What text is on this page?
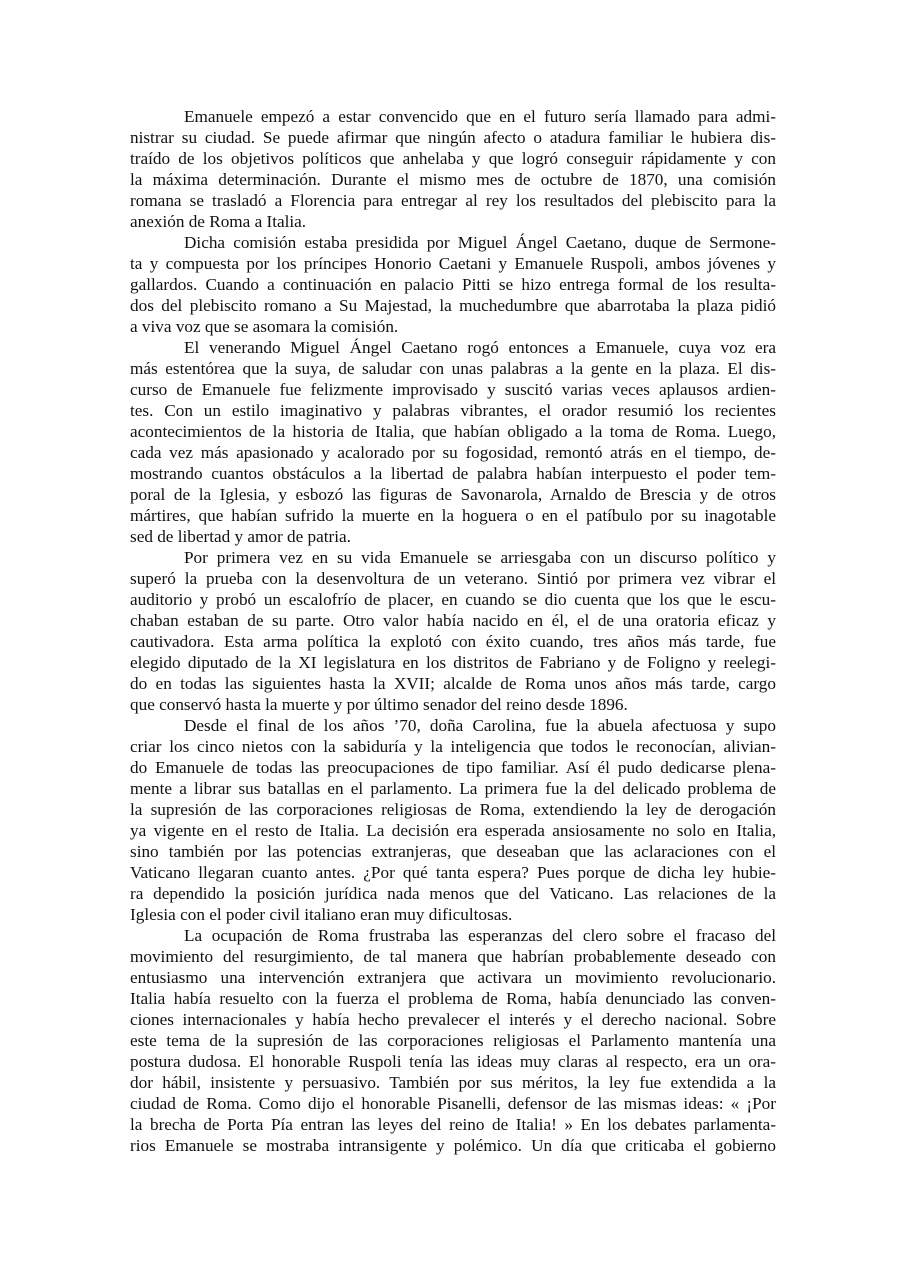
Emanuele empezó a estar convencido que en el futuro sería llamado para admi-
nistrar su ciudad. Se puede afirmar que ningún afecto o atadura familiar le hubiera dis-
traído de los objetivos políticos que anhelaba y que logró conseguir rápidamente y con
la máxima determinación. Durante el mismo mes de octubre de 1870, una comisión
romana se trasladó a Florencia para entregar al rey los resultados del plebiscito para la
anexión de Roma a Italia.
Dicha comisión estaba presidida por Miguel Ángel Caetano, duque de Sermone-
ta y compuesta por los príncipes Honorio Caetani y Emanuele Ruspoli, ambos jóvenes y
gallardos. Cuando a continuación en palacio Pitti se hizo entrega formal de los resulta-
dos del plebiscito romano a Su Majestad, la muchedumbre que abarrotaba la plaza pidió
a viva voz que se asomara la comisión.
El venerando Miguel Ángel Caetano rogó entonces a Emanuele, cuya voz era
más estentórea que la suya, de saludar con unas palabras a la gente en la plaza. El dis-
curso de Emanuele fue felizmente improvisado y suscitó varias veces aplausos ardien-
tes. Con un estilo imaginativo y palabras vibrantes, el orador resumió los recientes
acontecimientos de la historia de Italia, que habían obligado a la toma de Roma. Luego,
cada vez más apasionado y acalorado por su fogosidad, remontó atrás en el tiempo, de-
mostrando cuantos obstáculos a la libertad de palabra habían interpuesto el poder tem-
poral de la Iglesia, y esbozó las figuras de Savonarola, Arnaldo de Brescia y de otros
mártires, que habían sufrido la muerte en la hoguera o en el patíbulo por su inagotable
sed de libertad y amor de patria.
Por primera vez en su vida Emanuele se arriesgaba con un discurso político y
superó la prueba con la desenvoltura de un veterano. Sintió por primera vez vibrar el
auditorio y probó un escalofrío de placer, en cuando se dio cuenta que los que le escu-
chaban estaban de su parte. Otro valor había nacido en él, el de una oratoria eficaz y
cautivadora. Esta arma política la explotó con éxito cuando, tres años más tarde, fue
elegido diputado de la XI legislatura en los distritos de Fabriano y de Foligno y reelegi-
do en todas las siguientes hasta la XVII; alcalde de Roma unos años más tarde, cargo
que conservó hasta la muerte y por último senador del reino desde 1896.
Desde el final de los años ’70, doña Carolina, fue la abuela afectuosa y supo
criar los cinco nietos con la sabiduría y la inteligencia que todos le reconocían, alivian-
do Emanuele de todas las preocupaciones de tipo familiar. Así él pudo dedicarse plena-
mente a librar sus batallas en el parlamento. La primera fue la del delicado problema de
la supresión de las corporaciones religiosas de Roma, extendiendo la ley de derogación
ya vigente en el resto de Italia. La decisión era esperada ansiosamente no solo en Italia,
sino también por las potencias extranjeras, que deseaban que las aclaraciones con el
Vaticano llegaran cuanto antes. ¿Por qué tanta espera? Pues porque de dicha ley hubie-
ra dependido la posición jurídica nada menos que del Vaticano. Las relaciones de la
Iglesia con el poder civil italiano eran muy dificultosas.
La ocupación de Roma frustraba las esperanzas del clero sobre el fracaso del
movimiento del resurgimiento, de tal manera que habrían probablemente deseado con
entusiasmo una intervención extranjera que activara un movimiento revolucionario.
Italia había resuelto con la fuerza el problema de Roma, había denunciado las conven-
ciones internacionales y había hecho prevalecer el interés y el derecho nacional. Sobre
este tema de la supresión de las corporaciones religiosas el Parlamento mantenía una
postura dudosa. El honorable Ruspoli tenía las ideas muy claras al respecto, era un ora-
dor hábil, insistente y persuasivo. También por sus méritos, la ley fue extendida a la
ciudad de Roma. Como dijo el honorable Pisanelli, defensor de las mismas ideas: « ¡Por
la brecha de Porta Pía entran las leyes del reino de Italia! » En los debates parlamenta-
rios Emanuele se mostraba intransigente y polémico. Un día que criticaba el gobierno
